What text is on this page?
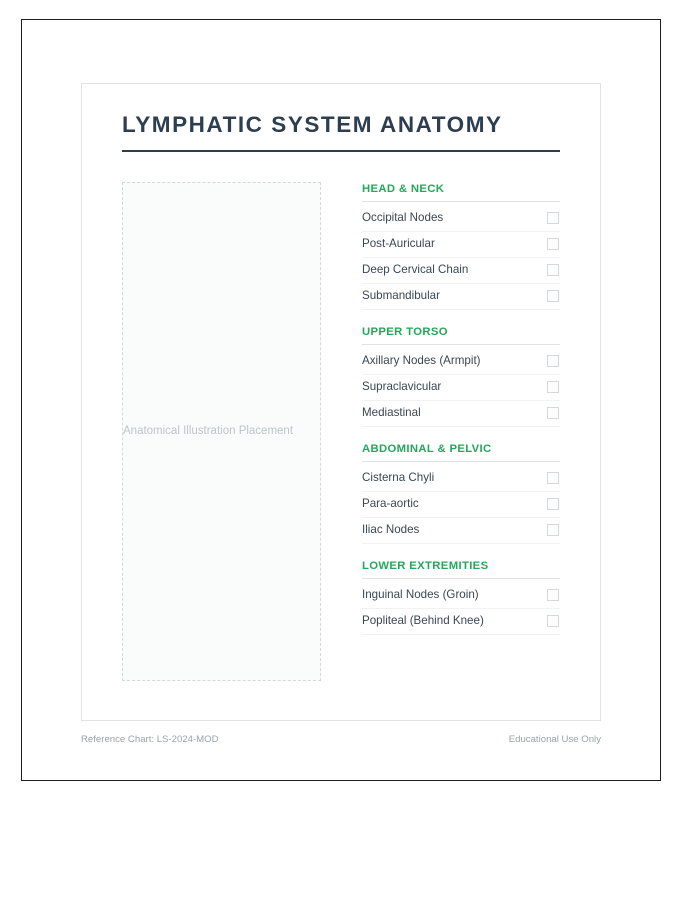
LYMPHATIC SYSTEM ANATOMY
Anatomical Illustration Placement
HEAD & NECK
Occipital Nodes
Post-Auricular
Deep Cervical Chain
Submandibular
UPPER TORSO
Axillary Nodes (Armpit)
Supraclavicular
Mediastinal
ABDOMINAL & PELVIC
Cisterna Chyli
Para-aortic
Iliac Nodes
LOWER EXTREMITIES
Inguinal Nodes (Groin)
Popliteal (Behind Knee)
Reference Chart: LS-2024-MOD	Educational Use Only
